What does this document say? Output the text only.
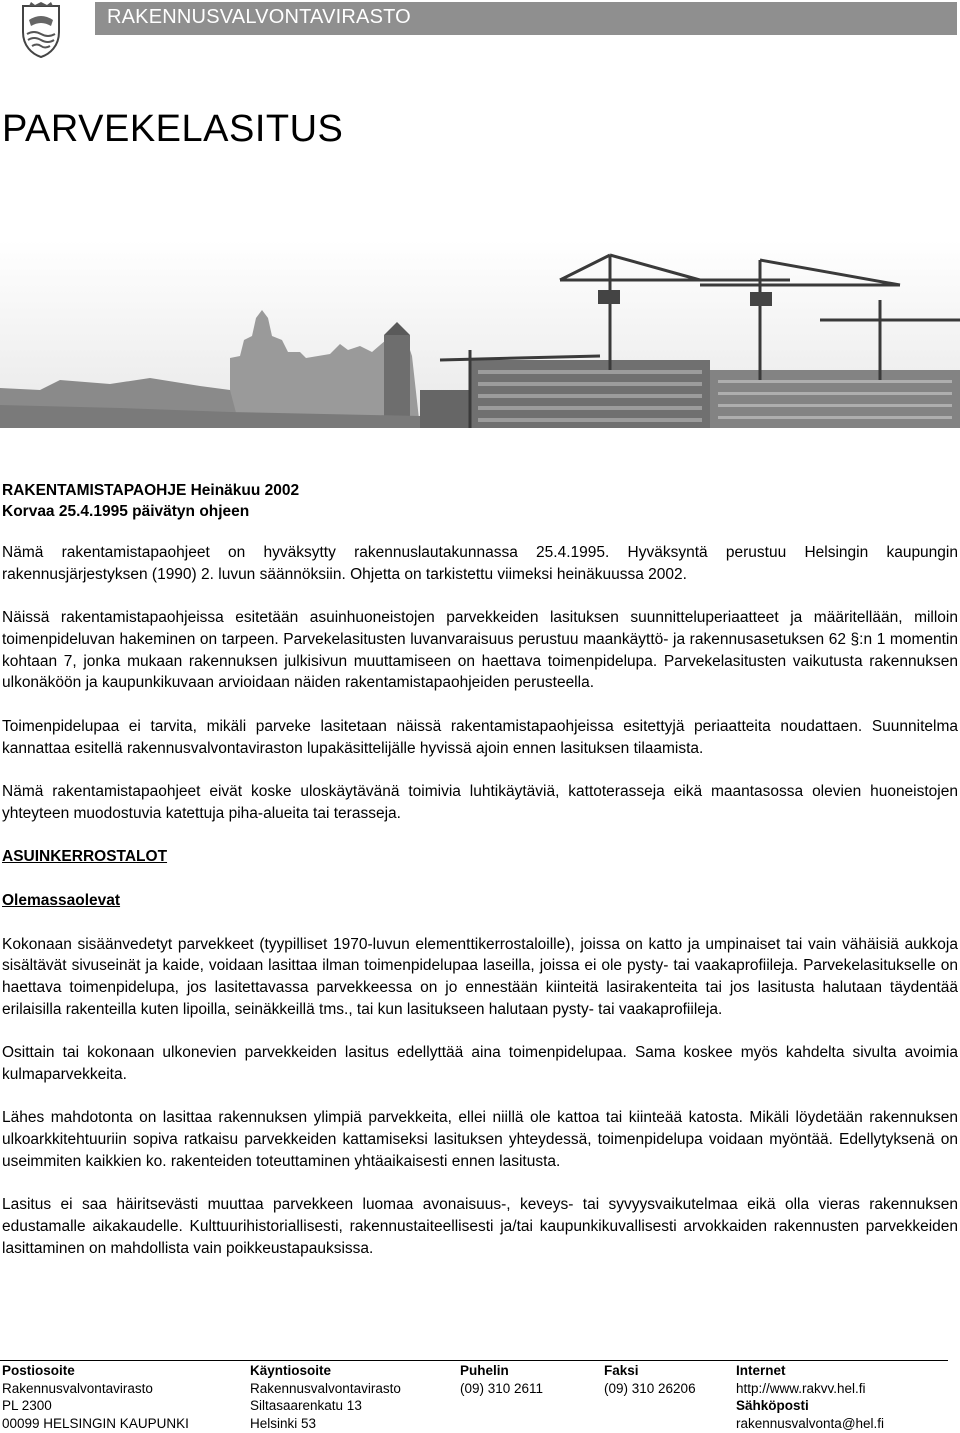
RAKENNUSVALVONTAVIRASTO
PARVEKELASITUS
RAKENTAMISTAPAOHJE Heinäkuu 2002
Korvaa 25.4.1995 päivätyn ohjeen

Nämä rakentamistapaohjeet on hyväksytty rakennuslautakunnassa 25.4.1995. Hyväksyntä perustuu Helsingin kaupungin rakennusjärjestyksen (1990) 2. luvun säännöksiin. Ohjetta on tarkistettu viimeksi heinäkuussa 2002.

Näissä rakentamistapaohjeissa esitetään asuinhuoneistojen parvekkeiden lasituksen suunnitteluperiaatteet ja määritellään, milloin toimenpideluvan hakeminen on tarpeen. Parvekelasitusten luvanvaraisuus perustuu maankäyttö- ja rakennusasetuksen 62 §:n 1 momentin kohtaan 7, jonka mukaan rakennuksen julkisivun muuttamiseen on haettava toimenpidelupa. Parvekelasitusten vaikutusta rakennuksen ulkonäköön ja kaupunkikuvaan arvioidaan näiden rakentamistapaohjeiden perusteella.

Toimenpidelupaa ei tarvita, mikäli parveke lasitetaan näissä rakentamistapaohjeissa esitettyjä periaatteita noudattaen. Suunnitelma kannattaa esitellä rakennusvalvontaviraston lupakäsittelijälle hyvissä ajoin ennen lasituksen tilaamista.

Nämä rakentamistapaohjeet eivät koske uloskäytävänä toimivia luhtikäytäviä, kattoterasseja eikä maantasossa olevien huoneistojen yhteyteen muodostuvia katettuja piha-alueita tai terasseja.

ASUINKERROSTALOT
Olemassaolevat

Kokonaan sisäänvedetyt parvekkeet (tyypilliset 1970-luvun elementtikerrostaloille), joissa on katto ja umpinaiset tai vain vähäisiä aukkoja sisältävät sivuseinät ja kaide, voidaan lasittaa ilman toimenpidelupaa laseilla, joissa ei ole pysty- tai vaakaprofiileja. Parvekelasitukselle on haettava toimenpidelupa, jos lasitettavassa parvekkeessa on jo ennestään kiinteitä lasirakenteita tai jos lasitusta halutaan täydentää erilaisilla rakenteilla kuten lipoilla, seinäkkeillä tms., tai kun lasitukseen halutaan pysty- tai vaakaprofiileja.

Osittain tai kokonaan ulkonevien parvekkeiden lasitus edellyttää aina toimenpidelupaa. Sama koskee myös kahdelta sivulta avoimia kulmaparvekkeita.

Lähes mahdotonta on lasittaa rakennuksen ylimpiä parvekkeita, ellei niillä ole kattoa tai kiinteää katosta. Mikäli löydetään rakennuksen ulkoarkkitehtuuriin sopiva ratkaisu parvekkeiden kattamiseksi lasituksen yhteydessä, toimenpidelupa voidaan myöntää. Edellytyksenä on useimmiten kaikkien ko. rakenteiden toteuttaminen yhtäaikaisesti ennen lasitusta.

Lasitus ei saa häiritsevästi muuttaa parvekkeen luomaa avonaisuus-, keveys- tai syvyysvaikutelmaa eikä olla vieras rakennuksen edustamalle aikakaudelle. Kulttuurihistoriallisesti, rakennustaiteellisesti ja/tai kaupunkikuvallisesti arvokkaiden rakennusten parvekkeiden lasittaminen on mahdollista vain poikkeustapauksissa.

Postiosoite
Rakennusvalvontavirasto
PL 2300
00099 HELSINGIN KAUPUNKI
Käyntiosoite
Rakennusvalvontavirasto
Siltasaarenkatu 13
Helsinki 53
Puhelin
(09) 310 2611
Faksi
(09) 310 26206
Internet
http://www.rakvv.hel.fi
Sähköposti
rakennusvalvonta@hel.fi
